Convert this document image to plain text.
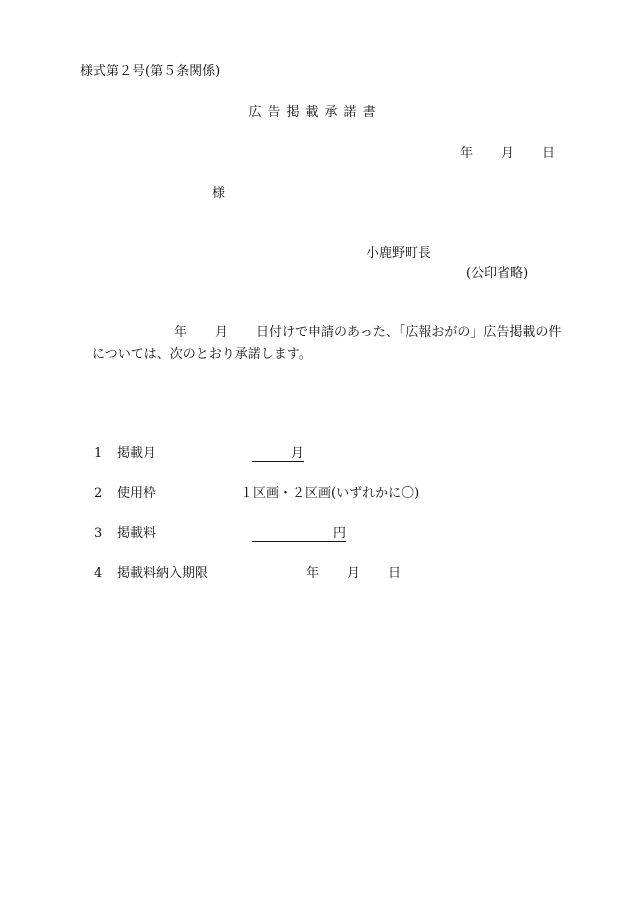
様式第２号(第５条関係)
広告掲載承諾書
年 月 日
様
小鹿野町長
(公印省略)
年 月 日付けで申請のあった、「広報おがの」広告掲載の件
については、次のとおり承諾します。
1 掲載月	月
2 使用枠	１区画・２区画(いずれかに〇)
3 掲載料	円
4 掲載料納入期限	年 月 日
